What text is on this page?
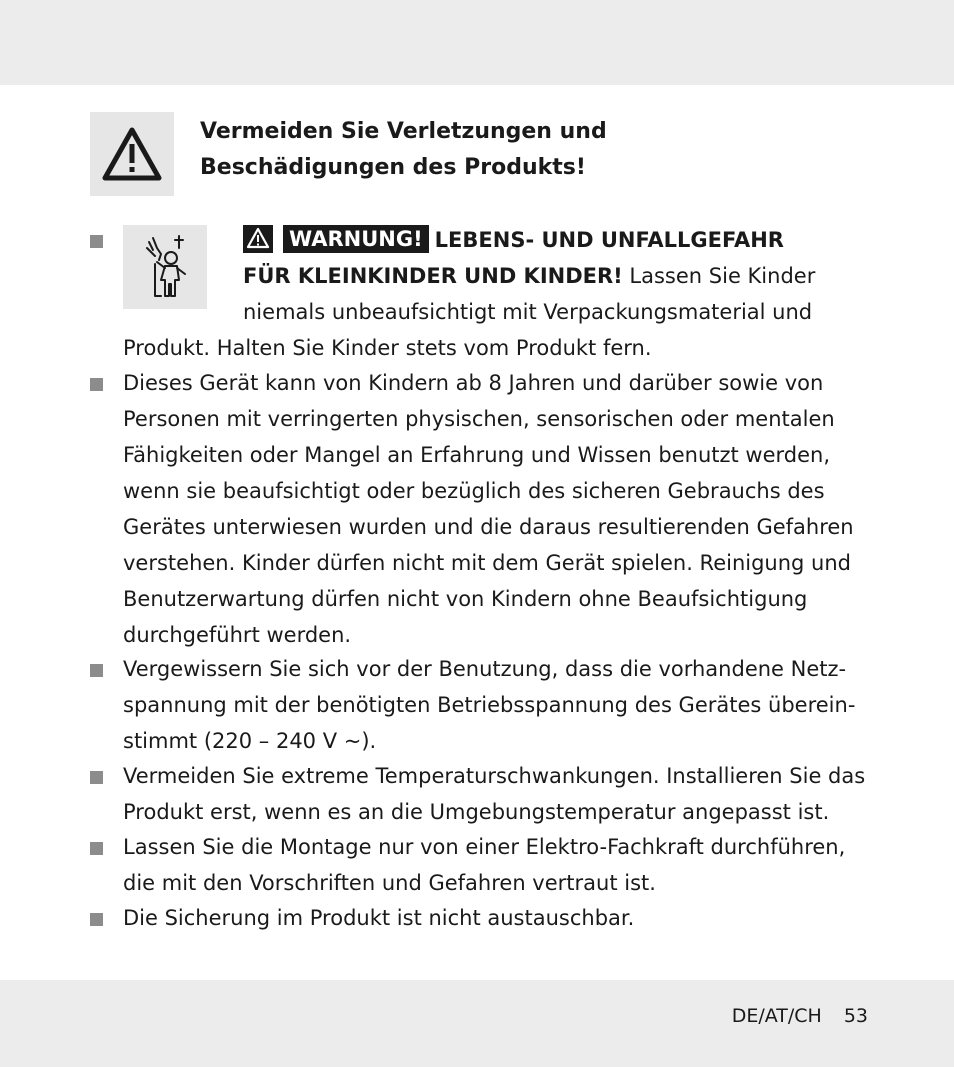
Vermeiden Sie Verletzungen und
Beschädigungen des Produkts!
WARNUNG! LEBENS- UND UNFALLGEFAHR
FÜR KLEINKINDER UND KINDER! Lassen Sie Kinder
niemals unbeaufsichtigt mit Verpackungsmaterial und
Produkt. Halten Sie Kinder stets vom Produkt fern.
Dieses Gerät kann von Kindern ab 8 Jahren und darüber sowie von
Personen mit verringerten physischen, sensorischen oder mentalen
Fähigkeiten oder Mangel an Erfahrung und Wissen benutzt werden,
wenn sie beaufsichtigt oder bezüglich des sicheren Gebrauchs des
Gerätes unterwiesen wurden und die daraus resultierenden Gefahren
verstehen. Kinder dürfen nicht mit dem Gerät spielen. Reinigung und
Benutzerwartung dürfen nicht von Kindern ohne Beaufsichtigung
durchgeführt werden.
Vergewissern Sie sich vor der Benutzung, dass die vorhandene Netz-
spannung mit der benötigten Betriebsspannung des Gerätes überein-
stimmt (220 – 240 V ~).
Vermeiden Sie extreme Temperaturschwankungen. Installieren Sie das
Produkt erst, wenn es an die Umgebungstemperatur angepasst ist.
Lassen Sie die Montage nur von einer Elektro-Fachkraft durchführen,
die mit den Vorschriften und Gefahren vertraut ist.
Die Sicherung im Produkt ist nicht austauschbar.
DE/AT/CH 53
